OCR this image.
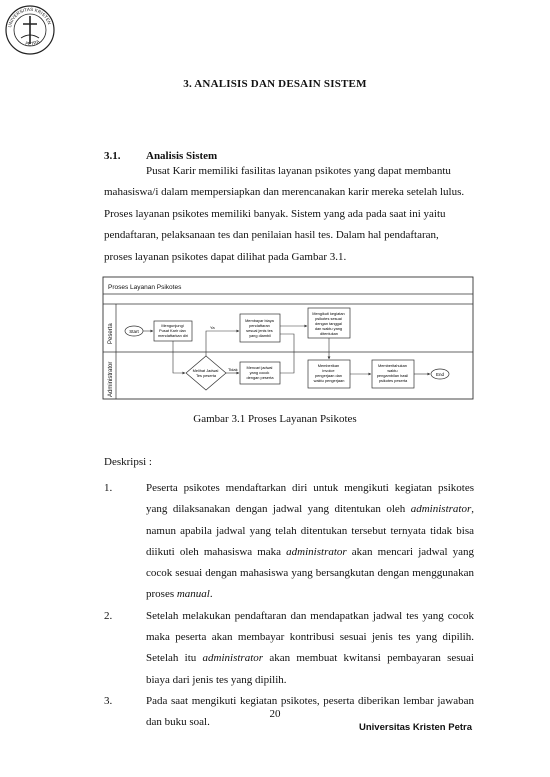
UNIVERSITAS KRISTEN
PETRA
3. ANALISIS DAN DESAIN SISTEM
3.1. Analisis Sistem
Pusat Karir memiliki fasilitas layanan psikotes yang dapat membantu
mahasiswa/i dalam mempersiapkan dan merencanakan karir mereka setelah lulus.
Proses layanan psikotes memiliki banyak. Sistem yang ada pada saat ini yaitu
pendaftaran, pelaksanaan tes dan penilaian hasil tes. Dalam hal pendaftaran,
proses layanan psikotes dapat dilihat pada Gambar 3.1.
Proses Layanan Psikotes
Peserta
Administrator
Start
Mengunjungi Pusat Karir dan mendaftarkan diri
Membayar biaya pendaftaran sesuai jenis tes yang diambil
Mengikuti kegiatan psikotes sesuai dengan tanggal dan waktu yang ditentukan
Melihat Jadwal Tes peserta
Mencari jadwal yang cocok dengan peserta
Memberikan invoice pengerjaan dan waktu pengerjaan
Memberitahukan waktu pengambilan hasil psikotes peserta
End
Ya
Tidak
Gambar 3.1 Proses Layanan Psikotes
Deskripsi :
1.	Peserta psikotes mendaftarkan diri untuk mengikuti kegiatan psikotes yang dilaksanakan dengan jadwal yang ditentukan oleh administrator, namun apabila jadwal yang telah ditentukan tersebut ternyata tidak bisa diikuti oleh mahasiswa maka administrator akan mencari jadwal yang cocok sesuai dengan mahasiswa yang bersangkutan dengan menggunakan proses manual.
2.	Setelah melakukan pendaftaran dan mendapatkan jadwal tes yang cocok maka peserta akan membayar kontribusi sesuai jenis tes yang dipilih. Setelah itu administrator akan membuat kwitansi pembayaran sesuai biaya dari jenis tes yang dipilih.
3.	Pada saat mengikuti kegiatan psikotes, peserta diberikan lembar jawaban dan buku soal.
20
Universitas Kristen Petra
